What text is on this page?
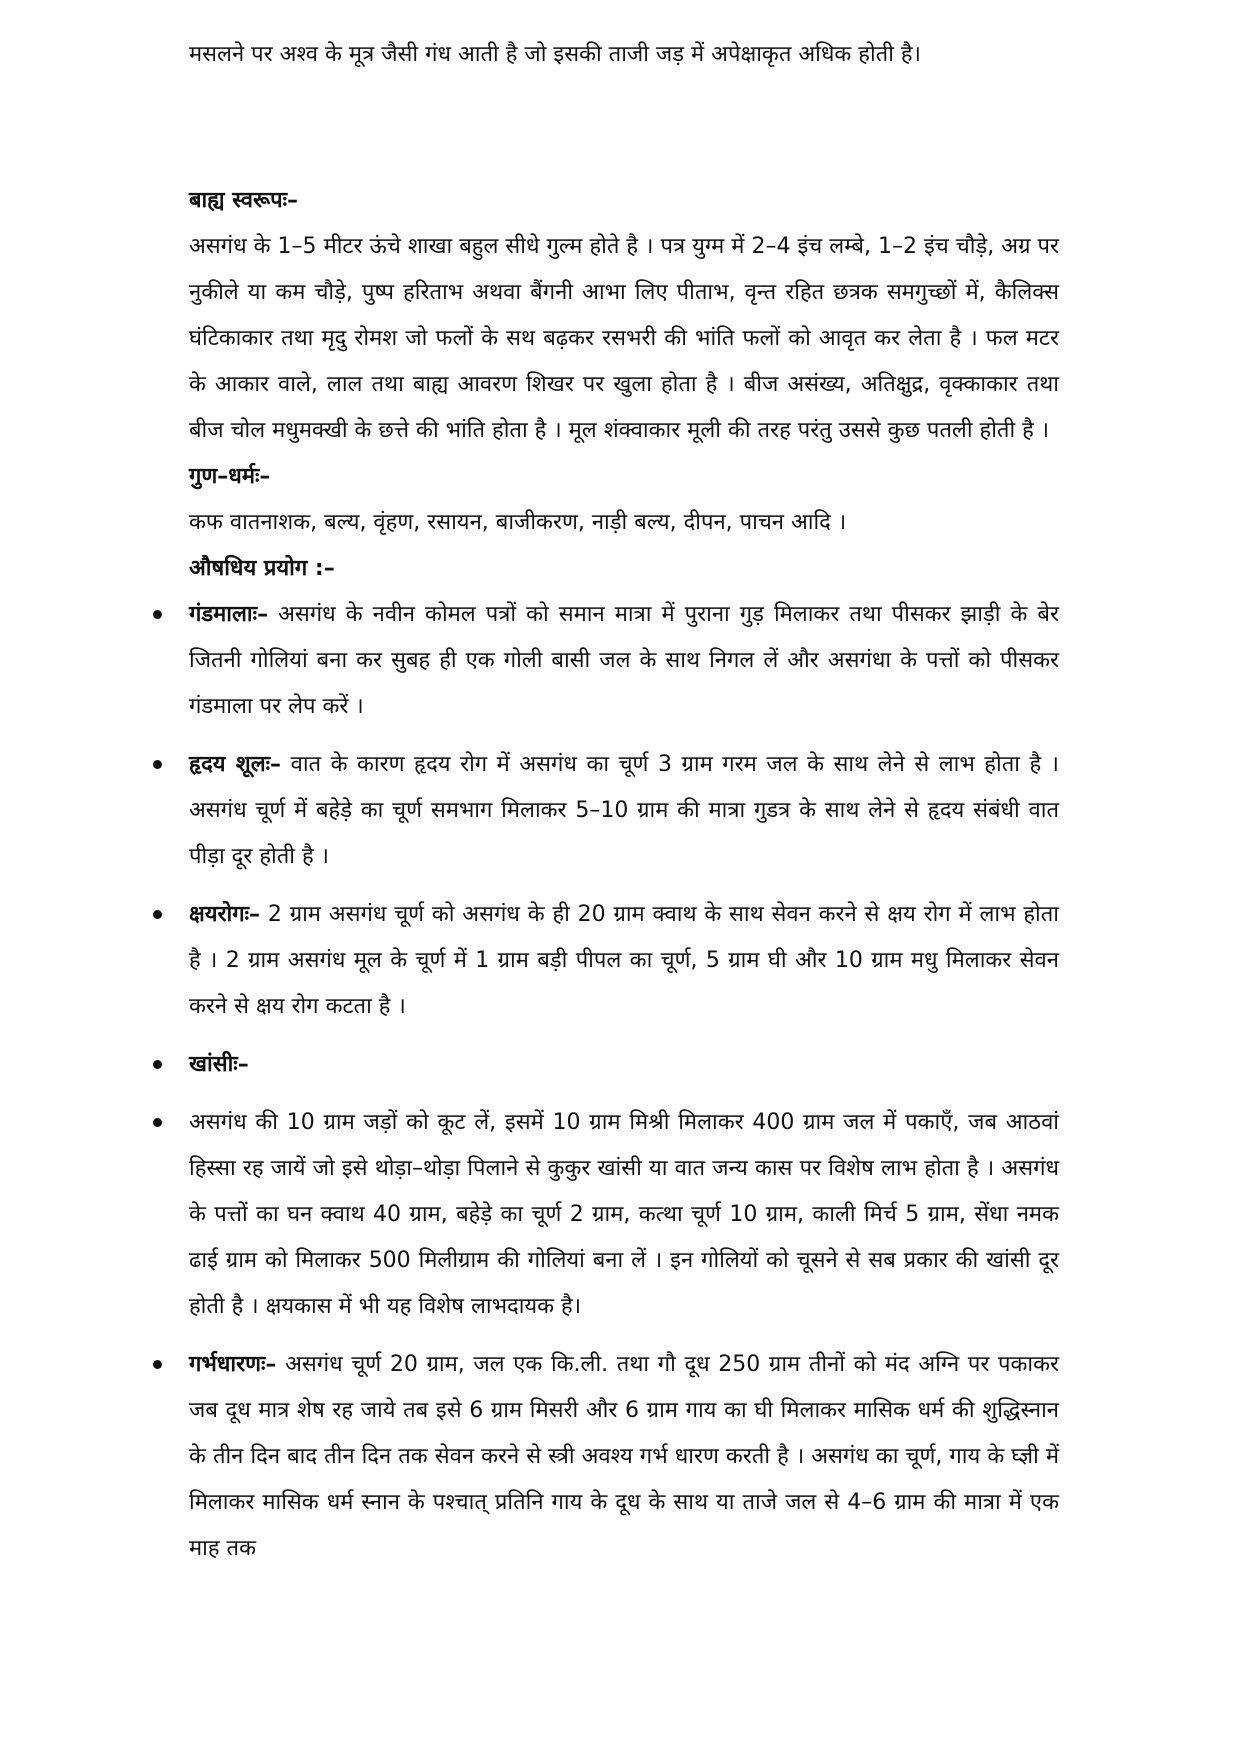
मसलने पर अश्व के मूत्र जैसी गंध आती है जो इसकी ताजी जड़ में अपेक्षाकृत अधिक होती है।

बाह्य स्वरूपः–

असगंध के 1–5 मीटर ऊंचे शाखा बहुल सीधे गुल्म होते है । पत्र युग्म में 2–4 इंच लम्बे, 1–2 इंच चौड़े, अग्र पर नुकीले या कम चौड़े, पुष्प हरिताभ अथवा बैंगनी आभा लिए पीताभ, वृन्त रहित छत्रक समगुच्छों में, कैलिक्स घंटिकाकार तथा मृदु रोमश जो फलों के सथ बढ़कर रसभरी की भांति फलों को आवृत कर लेता है । फल मटर के आकार वाले, लाल तथा बाह्य आवरण शिखर पर खुला होता है । बीज असंख्य, अतिक्षुद्र, वृक्काकार तथा बीज चोल मधुमक्खी के छत्ते की भांति होता है । मूल शंक्वाकार मूली की तरह परंतु उससे कुछ पतली होती है ।

गुण–धर्मः–

कफ वातनाशक, बल्य, वृंहण, रसायन, बाजीकरण, नाड़ी बल्य, दीपन, पाचन आदि ।

औषधिय प्रयोग :–

गंडमालाः– असगंध के नवीन कोमल पत्रों को समान मात्रा में पुराना गुड़ मिलाकर तथा पीसकर झाड़ी के बेर जितनी गोलियां बना कर सुबह ही एक गोली बासी जल के साथ निगल लें और असगंधा के पत्तों को पीसकर गंडमाला पर लेप करें ।
हृदय शूलः– वात के कारण हृदय रोग में असगंध का चूर्ण 3 ग्राम गरम जल के साथ लेने से लाभ होता है । असगंध चूर्ण में बहेड़े का चूर्ण समभाग मिलाकर 5–10 ग्राम की मात्रा गुडत्र के साथ लेने से हृदय संबंधी वात पीड़ा दूर होती है ।
क्षयरोगः– 2 ग्राम असगंध चूर्ण को असगंध के ही 20 ग्राम क्वाथ के साथ सेवन करने से क्षय रोग में लाभ होता है । 2 ग्राम असगंध मूल के चूर्ण में 1 ग्राम बड़ी पीपल का चूर्ण, 5 ग्राम घी और 10 ग्राम मधु मिलाकर सेवन करने से क्षय रोग कटता है ।
खांसीः–
असगंध की 10 ग्राम जड़ों को कूट लें, इसमें 10 ग्राम मिश्री मिलाकर 400 ग्राम जल में पकाएँ, जब आठवां हिस्सा रह जायें जो इसे थोड़ा–थोड़ा पिलाने से कुकुर खांसी या वात जन्य कास पर विशेष लाभ होता है । असगंध के पत्तों का घन क्वाथ 40 ग्राम, बहेड़े का चूर्ण 2 ग्राम, कत्था चूर्ण 10 ग्राम, काली मिर्च 5 ग्राम, सेंधा नमक ढाई ग्राम को मिलाकर 500 मिलीग्राम की गोलियां बना लें । इन गोलियों को चूसने से सब प्रकार की खांसी दूर होती है । क्षयकास में भी यह विशेष लाभदायक है।
गर्भधारणः– असगंध चूर्ण 20 ग्राम, जल एक कि.ली. तथा गौ दूध 250 ग्राम तीनों को मंद अग्नि पर पकाकर जब दूध मात्र शेष रह जाये तब इसे 6 ग्राम मिसरी और 6 ग्राम गाय का घी मिलाकर मासिक धर्म की शुद्धिस्नान के तीन दिन बाद तीन दिन तक सेवन करने से स्त्री अवश्य गर्भ धारण करती है । असगंध का चूर्ण, गाय के घ्ज्ञी में मिलाकर मासिक धर्म स्नान के पश्चात् प्रतिनि गाय के दूध के साथ या ताजे जल से 4–6 ग्राम की मात्रा में एक माह तक
